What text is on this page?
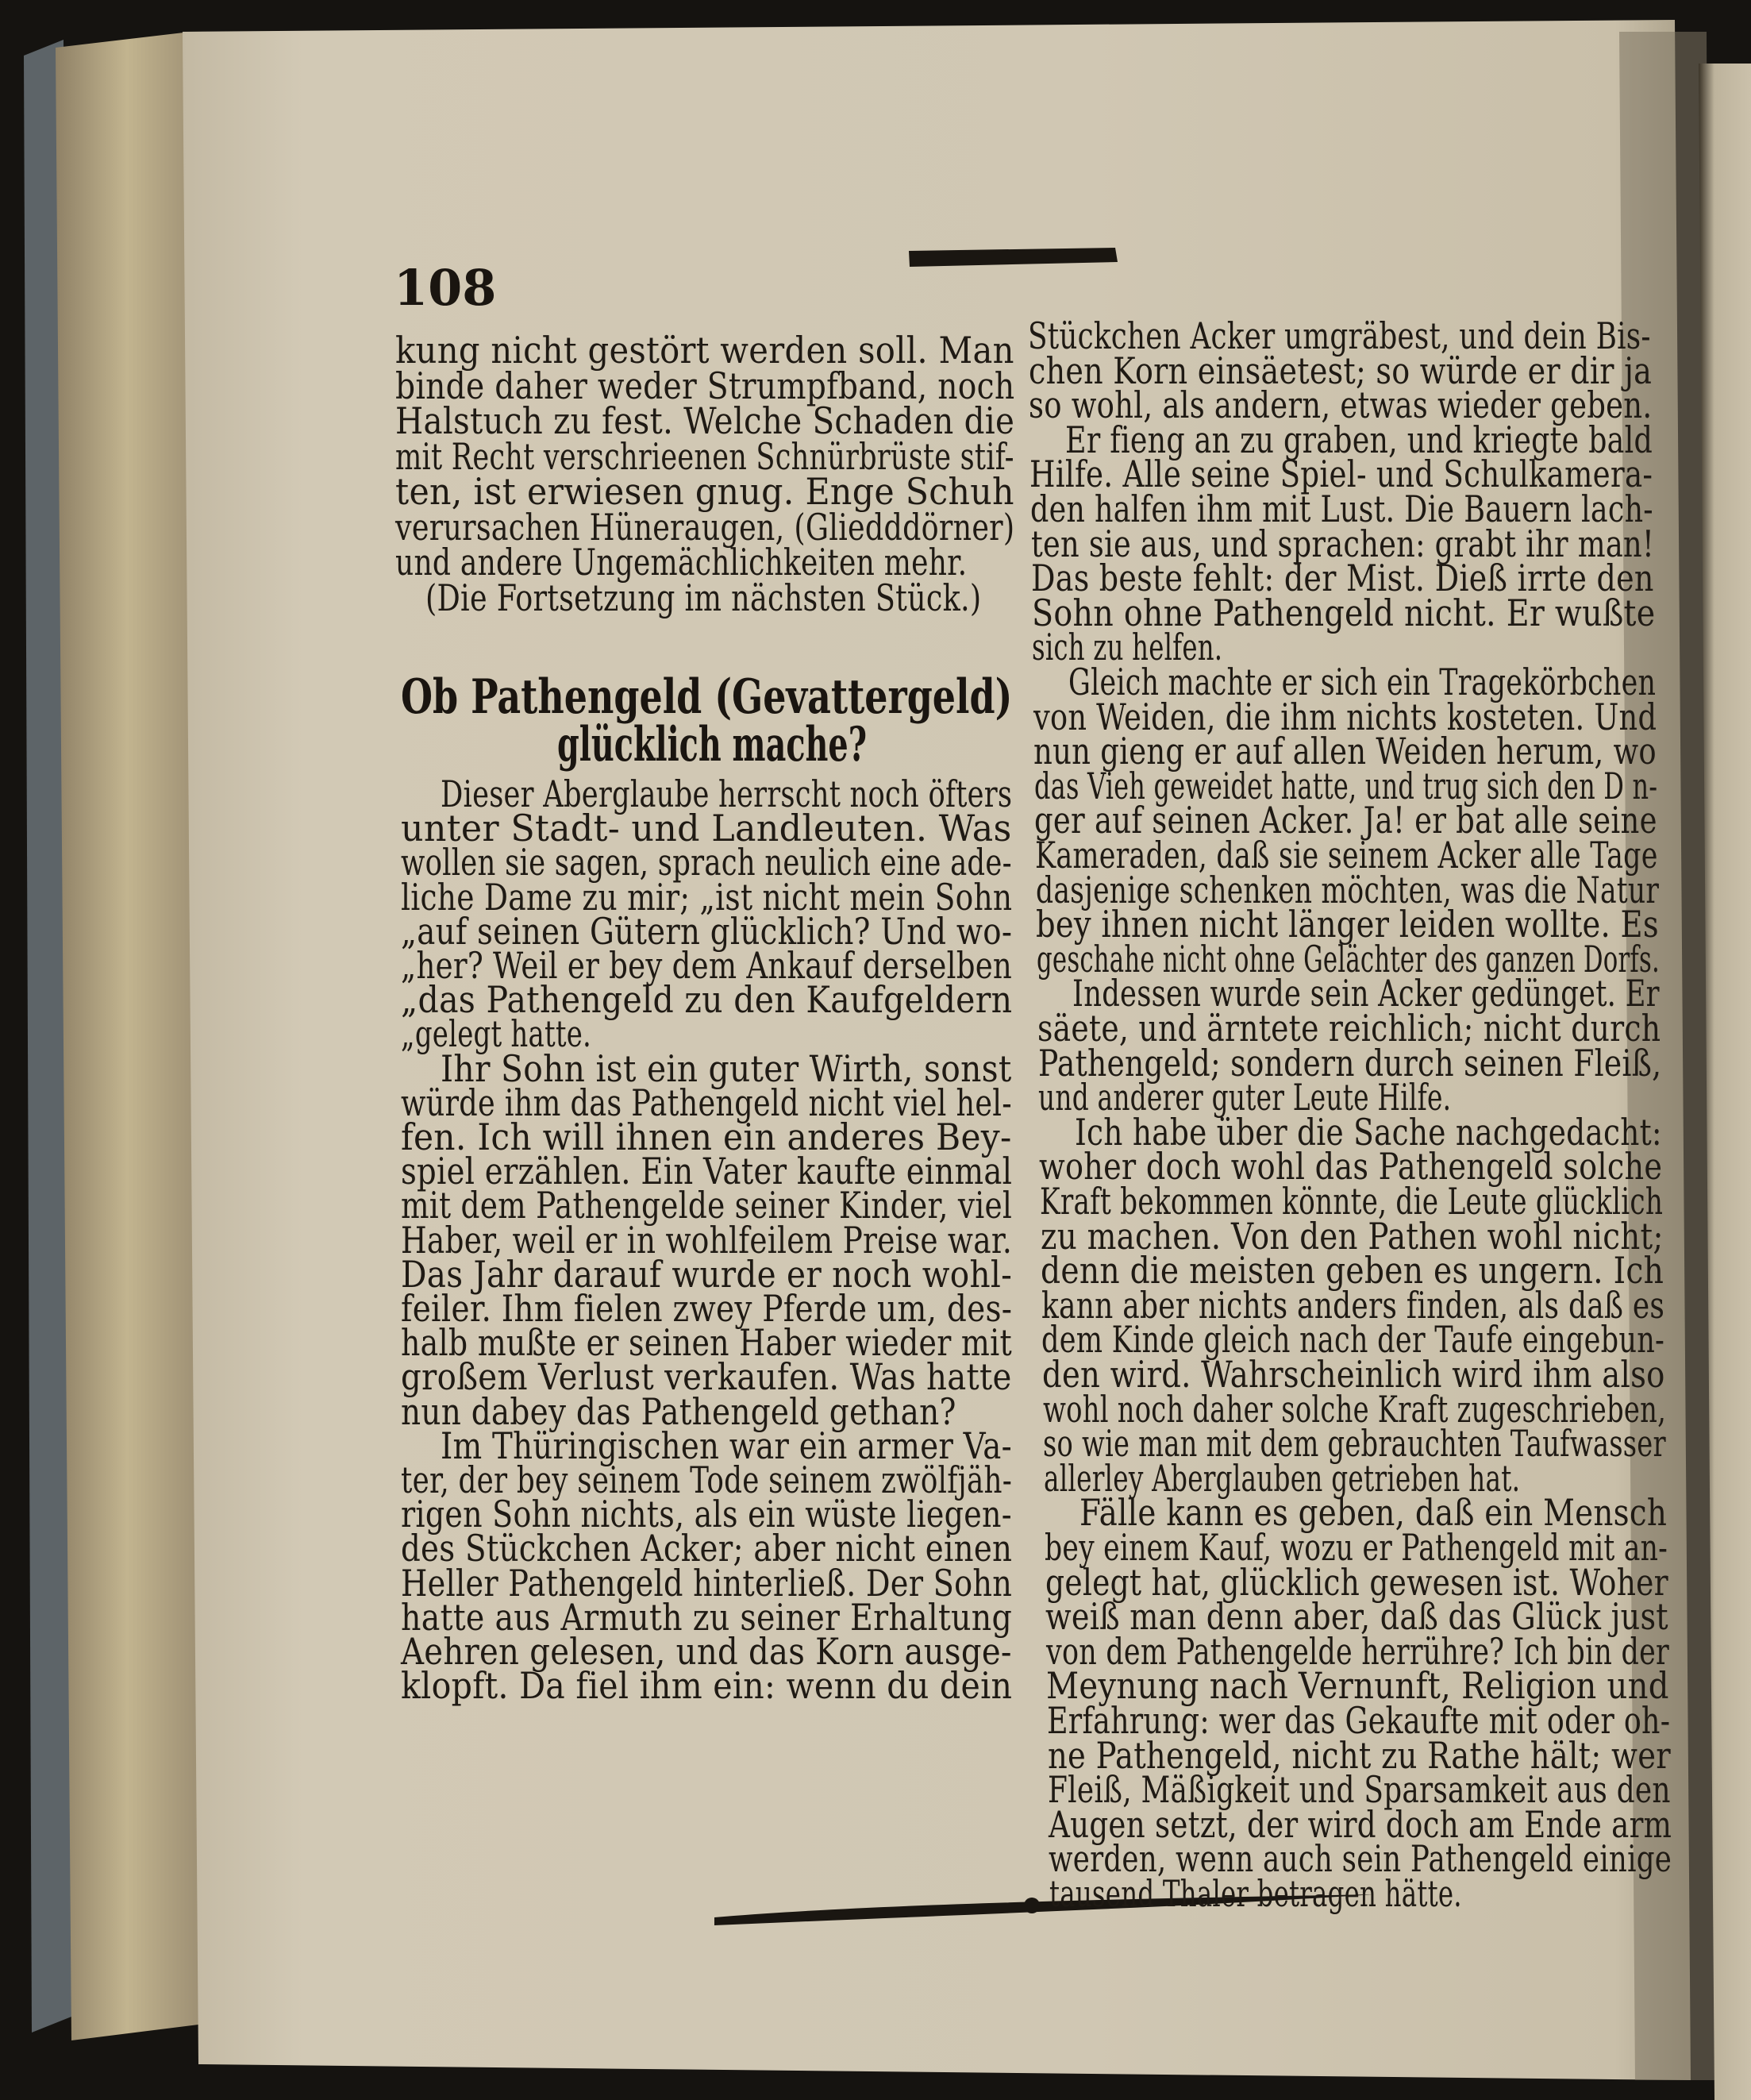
108
kung nicht gestört werden soll. Man
binde daher weder Strumpfband, noch
Halstuch zu fest. Welche Schaden die
mit Recht verschrieenen Schnürbrüste stif-
ten, ist erwiesen gnug. Enge Schuh
verursachen Hüneraugen, (Gliedddörner)
und andere Ungemächlichkeiten mehr.
(Die Fortsetzung im nächsten Stück.)
Ob Pathengeld (Gevattergeld)
glücklich mache?
Dieser Aberglaube herrscht noch öfters
unter Stadt- und Landleuten. Was
wollen sie sagen, sprach neulich eine ade-
liche Dame zu mir; „ist nicht mein Sohn
„auf seinen Gütern glücklich? Und wo-
„her? Weil er bey dem Ankauf derselben
„das Pathengeld zu den Kaufgeldern
„gelegt hatte.
Ihr Sohn ist ein guter Wirth, sonst
würde ihm das Pathengeld nicht viel hel-
fen. Ich will ihnen ein anderes Bey-
spiel erzählen. Ein Vater kaufte einmal
mit dem Pathengelde seiner Kinder, viel
Haber, weil er in wohlfeilem Preise war.
Das Jahr darauf wurde er noch wohl-
feiler. Ihm fielen zwey Pferde um, des-
halb mußte er seinen Haber wieder mit
großem Verlust verkaufen. Was hatte
nun dabey das Pathengeld gethan?
Im Thüringischen war ein armer Va-
ter, der bey seinem Tode seinem zwölfjäh-
rigen Sohn nichts, als ein wüste liegen-
des Stückchen Acker; aber nicht einen
Heller Pathengeld hinterließ. Der Sohn
hatte aus Armuth zu seiner Erhaltung
Aehren gelesen, und das Korn ausge-
klopft. Da fiel ihm ein: wenn du dein
Stückchen Acker umgräbest, und dein Bis-
chen Korn einsäetest; so würde er dir ja
so wohl, als andern, etwas wieder geben.
Er fieng an zu graben, und kriegte bald
Hilfe. Alle seine Spiel- und Schulkamera-
den halfen ihm mit Lust. Die Bauern lach-
ten sie aus, und sprachen: grabt ihr man!
Das beste fehlt: der Mist. Dieß irrte den
Sohn ohne Pathengeld nicht. Er wußte
sich zu helfen.
Gleich machte er sich ein Tragekörbchen
von Weiden, die ihm nichts kosteten. Und
nun gieng er auf allen Weiden herum, wo
das Vieh geweidet hatte, und trug sich den D n-
ger auf seinen Acker. Ja! er bat alle seine
Kameraden, daß sie seinem Acker alle Tage
dasjenige schenken möchten, was die Natur
bey ihnen nicht länger leiden wollte. Es
geschahe nicht ohne Gelächter des ganzen Dorfs.
Indessen wurde sein Acker gedünget. Er
säete, und ärntete reichlich; nicht durch
Pathengeld; sondern durch seinen Fleiß,
und anderer guter Leute Hilfe.
Ich habe über die Sache nachgedacht:
woher doch wohl das Pathengeld solche
Kraft bekommen könnte, die Leute glücklich
zu machen. Von den Pathen wohl nicht;
denn die meisten geben es ungern. Ich
kann aber nichts anders finden, als daß es
dem Kinde gleich nach der Taufe eingebun-
den wird. Wahrscheinlich wird ihm also
wohl noch daher solche Kraft zugeschrieben,
so wie man mit dem gebrauchten Taufwasser
allerley Aberglauben getrieben hat.
Fälle kann es geben, daß ein Mensch
bey einem Kauf, wozu er Pathengeld mit an-
gelegt hat, glücklich gewesen ist. Woher
weiß man denn aber, daß das Glück just
von dem Pathengelde herrühre? Ich bin der
Meynung nach Vernunft, Religion und
Erfahrung: wer das Gekaufte mit oder oh-
ne Pathengeld, nicht zu Rathe hält; wer
Fleiß, Mäßigkeit und Sparsamkeit aus den
Augen setzt, der wird doch am Ende arm
werden, wenn auch sein Pathengeld einige
tausend Thaler betragen hätte.
